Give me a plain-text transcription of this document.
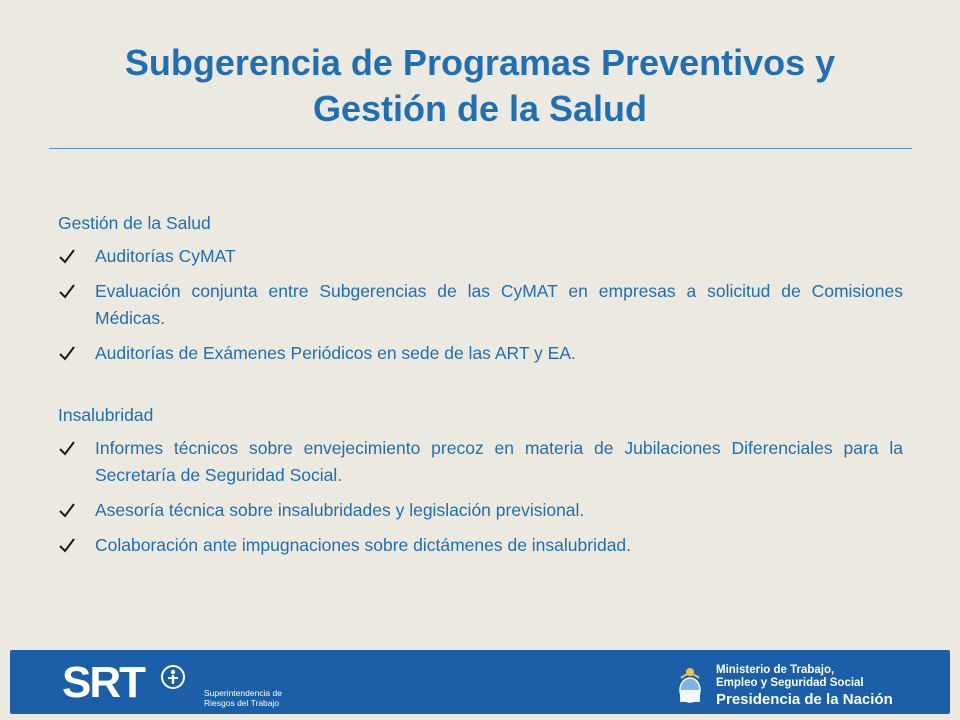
Subgerencia de Programas Preventivos y
Gestión de la Salud
Gestión de la Salud
Auditorías CyMAT
Evaluación conjunta entre Subgerencias de las CyMAT en empresas a solicitud de Comisiones Médicas.
Auditorías de Exámenes Periódicos en sede de las ART y EA.
Insalubridad
Informes técnicos sobre envejecimiento precoz en materia de Jubilaciones Diferenciales para la Secretaría de Seguridad Social.
Asesoría técnica sobre insalubridades y legislación previsional.
Colaboración ante impugnaciones sobre dictámenes de insalubridad.
SRT	Superintendencia de
Riesgos del Trabajo
Ministerio de Trabajo,
Empleo y Seguridad Social
Presidencia de la Nación
